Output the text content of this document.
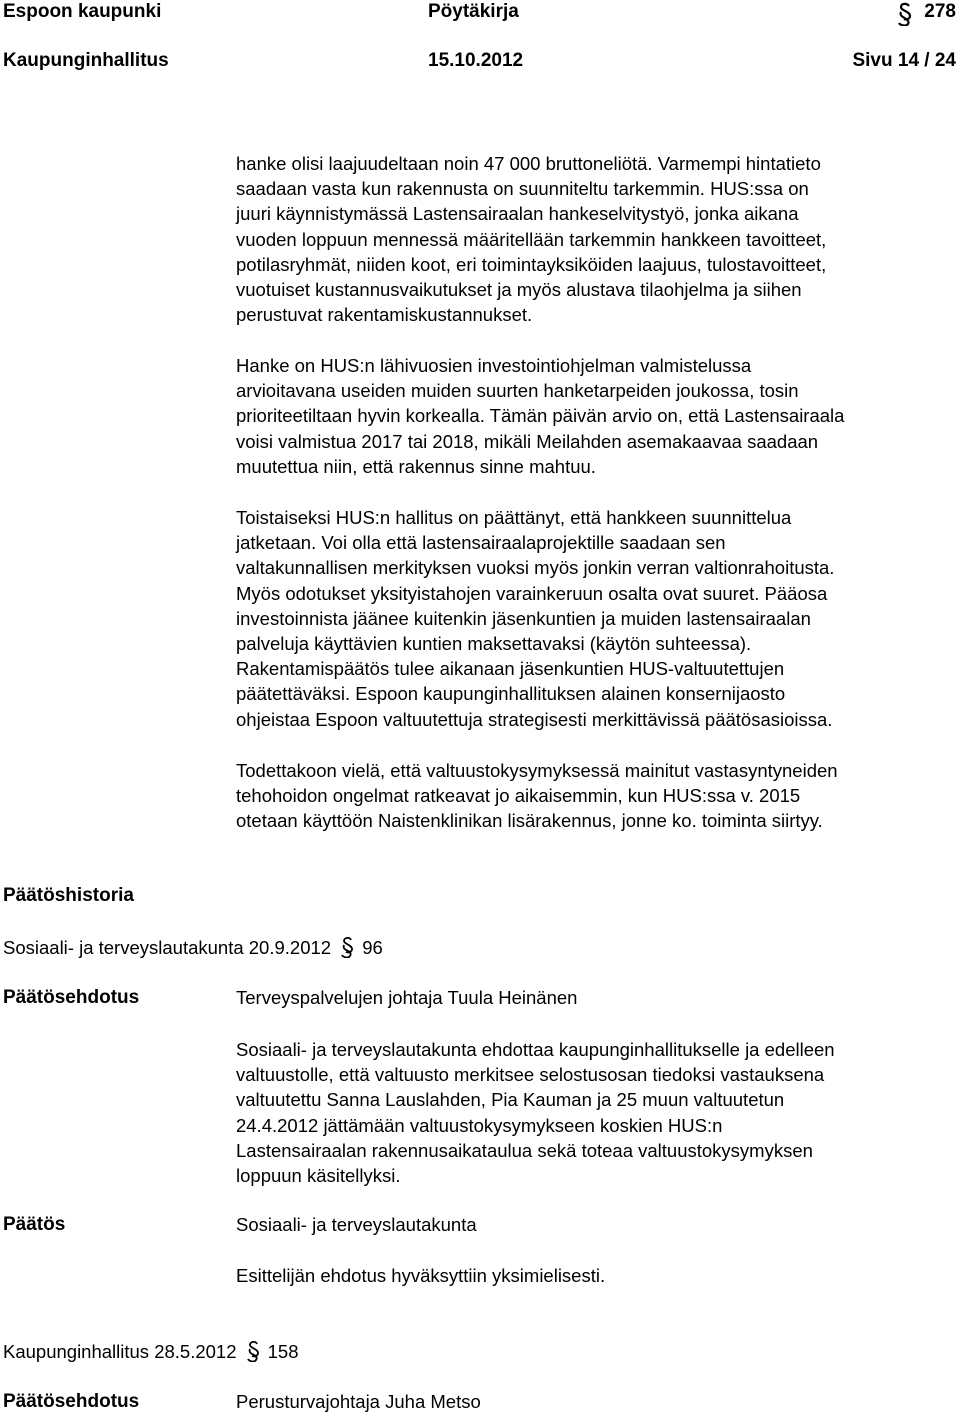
Espoon kaupunki	Pöytäkirja	278
Kaupunginhallitus	15.10.2012	Sivu 14 / 24
hanke olisi laajuudeltaan noin 47 000 bruttoneliötä. Varmempi hintatieto
saadaan vasta kun rakennusta on suunniteltu tarkemmin. HUS:ssa on
juuri käynnistymässä Lastensairaalan hankeselvitystyö, jonka aikana
vuoden loppuun mennessä määritellään tarkemmin hankkeen tavoitteet,
potilasryhmät, niiden koot, eri toimintayksiköiden laajuus, tulostavoitteet,
vuotuiset kustannusvaikutukset ja myös alustava tilaohjelma ja siihen
perustuvat rakentamiskustannukset.
Hanke on HUS:n lähivuosien investointiohjelman valmistelussa
arvioitavana useiden muiden suurten hanketarpeiden joukossa, tosin
prioriteetiltaan hyvin korkealla. Tämän päivän arvio on, että Lastensairaala
voisi valmistua 2017 tai 2018, mikäli Meilahden asemakaavaa saadaan
muutettua niin, että rakennus sinne mahtuu.
Toistaiseksi HUS:n hallitus on päättänyt, että hankkeen suunnittelua
jatketaan. Voi olla että lastensairaalaprojektille saadaan sen
valtakunnallisen merkityksen vuoksi myös jonkin verran valtionrahoitusta.
Myös odotukset yksityistahojen varainkeruun osalta ovat suuret. Pääosa
investoinnista jäänee kuitenkin jäsenkuntien ja muiden lastensairaalan
palveluja käyttävien kuntien maksettavaksi (käytön suhteessa).
Rakentamispäätös tulee aikanaan jäsenkuntien HUS-valtuutettujen
päätettäväksi. Espoon kaupunginhallituksen alainen konsernijaosto
ohjeistaa Espoon valtuutettuja strategisesti merkittävissä päätösasioissa.
Todettakoon vielä, että valtuustokysymyksessä mainitut vastasyntyneiden
tehohoidon ongelmat ratkeavat jo aikaisemmin, kun HUS:ssa v. 2015
otetaan käyttöön Naistenklinikan lisärakennus, jonne ko. toiminta siirtyy.
Päätöshistoria
Sosiaali- ja terveyslautakunta 20.9.2012 96
Päätösehdotus	Terveyspalvelujen johtaja Tuula Heinänen
Sosiaali- ja terveyslautakunta ehdottaa kaupunginhallitukselle ja edelleen
valtuustolle, että valtuusto merkitsee selostusosan tiedoksi vastauksena
valtuutettu Sanna Lauslahden, Pia Kauman ja 25 muun valtuutetun
24.4.2012 jättämään valtuustokysymykseen koskien HUS:n
Lastensairaalan rakennusaikataulua sekä toteaa valtuustokysymyksen
loppuun käsitellyksi.
Päätös	Sosiaali- ja terveyslautakunta
Esittelijän ehdotus hyväksyttiin yksimielisesti.
Kaupunginhallitus 28.5.2012 158
Päätösehdotus	Perusturvajohtaja Juha Metso
